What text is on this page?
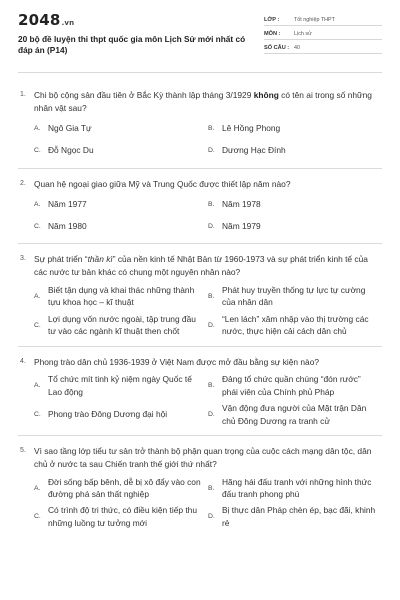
2048.vn
20 bộ đề luyện thi thpt quốc gia môn Lịch Sử mới nhất có đáp án (P14)
LỚP :	Tốt nghiệp THPT
MÔN :	Lịch sử
SỐ CÂU : 40
1. Chi bộ cộng sản đầu tiên ở Bắc Kỳ thành lập tháng 3/1929 không có tên ai trong số những nhân vật sau?
A. Ngô Gia Tự	B. Lê Hồng Phong
C. Đỗ Ngọc Du	D. Dương Hạc Đính
2. Quan hệ ngoại giao giữa Mỹ và Trung Quốc được thiết lập năm nào?
A. Năm 1977	B. Năm 1978
C. Năm 1980	D. Năm 1979
3. Sự phát triển “thần kì” của nền kinh tế Nhật Bản từ 1960-1973 và sự phát triển kinh tế của các nước tư bản khác có chung một nguyên nhân nào?
A.
Biết tận dụng và khai thác những thành tựu khoa học – kĩ thuật
B.
Phát huy truyền thống tự lực tự cường của nhân dân
C.
Lợi dụng vốn nước ngoài, tập trung đầu tư vào các ngành kĩ thuật then chốt
D.
“Len lách” xâm nhập vào thị trường các nước, thực hiện cải cách dân chủ
4. Phong trào dân chủ 1936-1939 ở Việt Nam được mở đầu bằng sự kiện nào?
A.
Tổ chức mít tinh kỷ niệm ngày Quốc tế Lao động
B.
Đảng tổ chức quần chúng “đón rước” phái viên của Chính phủ Pháp
C. Phong trào Đông Dương đại hội	D.
Vận động đưa người của Mặt trận Dân chủ Đông Dương ra tranh cử
5. Vì sao tầng lớp tiểu tư sản trở thành bộ phận quan trọng của cuộc cách mạng dân tộc, dân chủ ở nước ta sau Chiến tranh thế giới thứ nhất?
A.
Đời sống bấp bênh, dễ bị xô đẩy vào con đường phá sản thất nghiệp
B.
Hăng hái đấu tranh với những hình thức đấu tranh phong phú
C.
Có trình độ tri thức, có điều kiện tiếp thu những luồng tư tưởng mới
D.
Bị thực dân Pháp chèn ép, bạc đãi, khinh rẻ
